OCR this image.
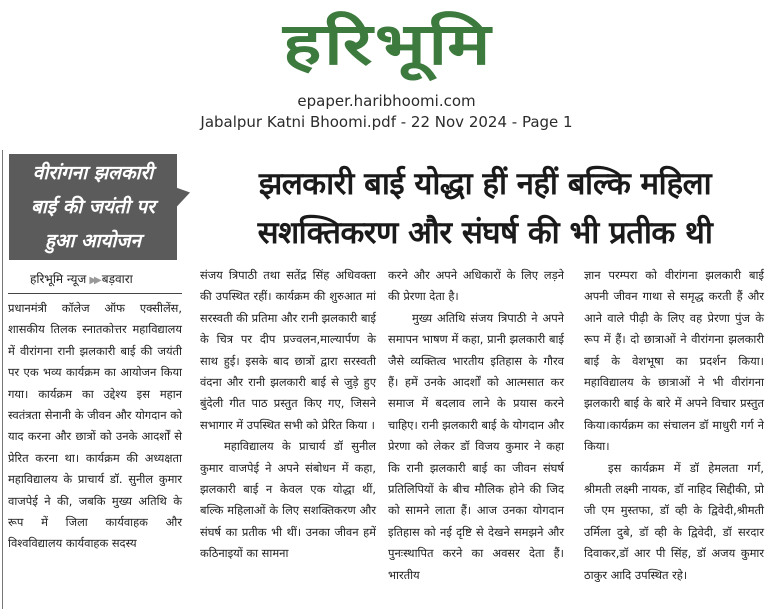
हरिभूमि
epaper.haribhoomi.com
Jabalpur Katni Bhoomi.pdf - 22 Nov 2024 - Page 1
वीरांगना झलकारी
बाई की जयंती पर
हुआ आयोजन
झलकारी बाई योद्धा हीं नहीं बल्कि महिला
सशक्तिकरण और संघर्ष की भी प्रतीक थी
हरिभूमि न्यूज ▶▶ बड़वारा

प्रधानमंत्री कॉलेज ऑफ एक्सीलेंस, शासकीय तिलक स्नातकोत्तर महाविद्यालय में वीरांगना रानी झलकारी बाई की जयंती पर एक भव्य कार्यक्रम का आयोजन किया गया। कार्यक्रम का उद्देश्य इस महान स्वतंत्रता सेनानी के जीवन और योगदान को याद करना और छात्रों को उनके आदर्शों से प्रेरित करना था। कार्यक्रम की अध्यक्षता महाविद्यालय के प्राचार्य डॉ. सुनील कुमार वाजपेई ने की, जबकि मुख्य अतिथि के रूप में जिला कार्यवाहक और विश्वविद्यालय कार्यवाहक सदस्य

संजय त्रिपाठी तथा सतेंद्र सिंह अधिवक्ता की उपस्थित रहीं। कार्यक्रम की शुरुआत मां सरस्वती की प्रतिमा और रानी झलकारी बाई के चित्र पर दीप प्रज्वलन,माल्यार्पण के साथ हुई। इसके बाद छात्रों द्वारा सरस्वती वंदना और रानी झलकारी बाई से जुड़े हुए बुंदेली गीत पाठ प्रस्तुत किए गए, जिसने सभागार में उपस्थित सभी को प्रेरित किया ।

महाविद्यालय के प्राचार्य डॉ सुनील कुमार वाजपेई ने अपने संबोधन में कहा, झलकारी बाई न केवल एक योद्धा थीं, बल्कि महिलाओं के लिए सशक्तिकरण और संघर्ष का प्रतीक भी थीं। उनका जीवन हमें कठिनाइयों का सामना

करने और अपने अधिकारों के लिए लड़ने की प्रेरणा देता है।

मुख्य अतिथि संजय त्रिपाठी ने अपने समापन भाषण में कहा, प्रानी झलकारी बाई जैसे व्यक्तित्व भारतीय इतिहास के गौरव हैं। हमें उनके आदर्शों को आत्मसात कर समाज में बदलाव लाने के प्रयास करने चाहिए। रानी झलकारी बाई के योगदान और प्रेरणा को लेकर डॉ विजय कुमार ने कहा कि रानी झलकारी बाई का जीवन संघर्ष प्रतिलिपियों के बीच मौलिक होने की जिद को सामने लाता हैं। आज उनका योगदान इतिहास को नई दृष्टि से देखने समझने और पुनःस्थापित करने का अवसर देता हैं। भारतीय

ज्ञान परम्परा को वीरांगना झलकारी बाई अपनी जीवन गाथा से समृद्ध करती हैं और आने वाले पीढ़ी के लिए वह प्रेरणा पुंज के रूप में हैं। दो छात्राओं ने वीरांगना झलकारी बाई के वेशभूषा का प्रदर्शन किया। महाविद्यालय के छात्राओं ने भी वीरांगना झलकारी बाई के बारे में अपने विचार प्रस्तुत किया।कार्यक्रम का संचालन डॉ माधुरी गर्ग ने किया।

इस कार्यक्रम में डॉ हेमलता गर्ग, श्रीमती लक्ष्मी नायक, डॉ नाहिद सिद्दीकी, प्रो जी एम मुस्तफा, डॉ व्ही के द्विवेदी,श्रीमती उर्मिला दुबे, डॉ व्ही के द्विवेदी, डॉ सरदार दिवाकर,डॉ आर पी सिंह, डॉ अजय कुमार ठाकुर आदि उपस्थित रहे।
